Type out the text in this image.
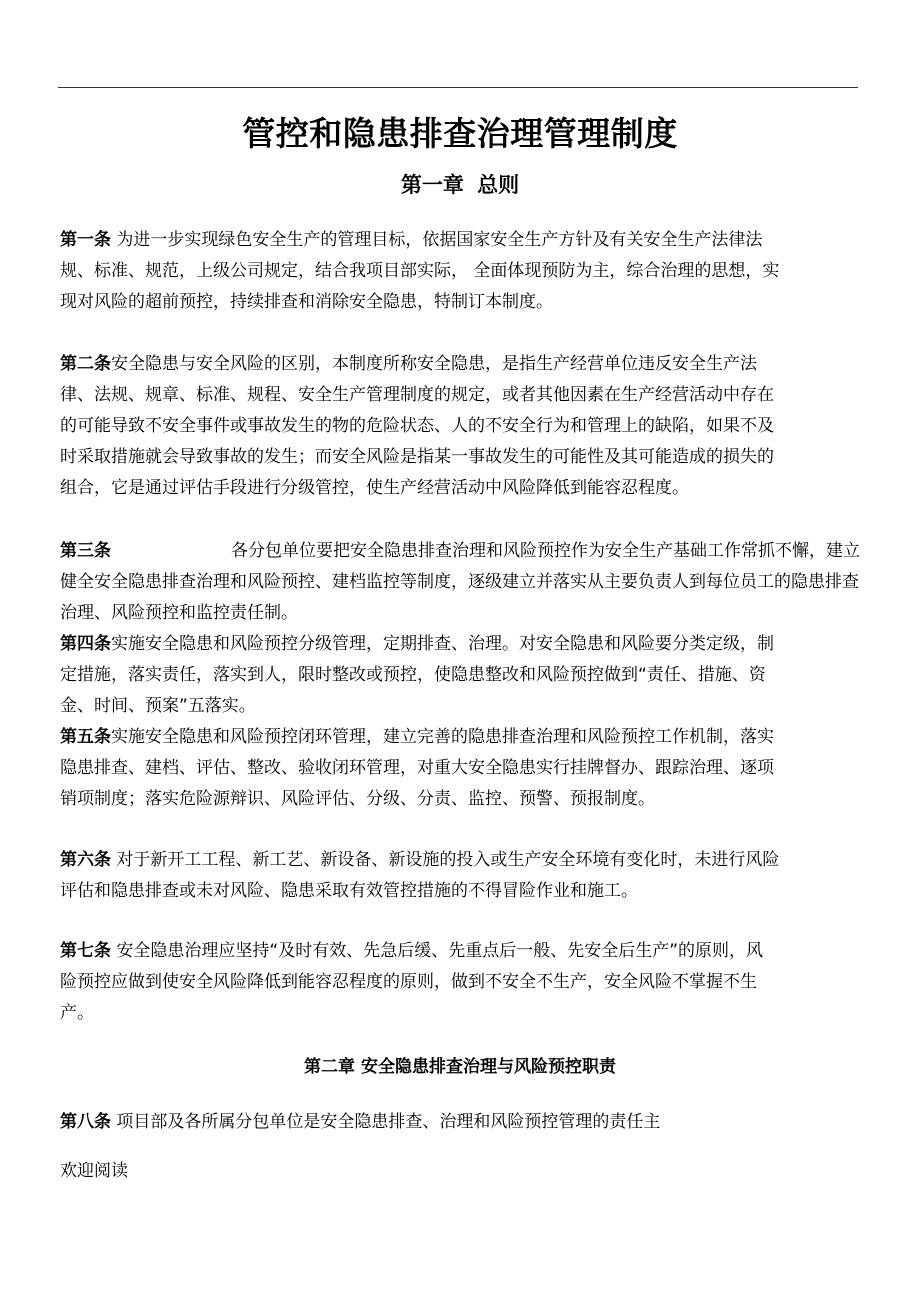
管控和隐患排查治理管理制度
第一章 总则

第一条 为进一步实现绿色安全生产的管理目标，依据国家安全生产方针及有关安全生产法律法规、标准、规范，上级公司规定，结合我项目部实际， 全面体现预防为主，综合治理的思想，实现对风险的超前预控，持续排查和消除安全隐患，特制订本制度。

第二条安全隐患与安全风险的区别，本制度所称安全隐患，是指生产经营单位违反安全生产法律、法规、规章、标准、规程、安全生产管理制度的规定，或者其他因素在生产经营活动中存在的可能导致不安全事件或事故发生的物的危险状态、人的不安全行为和管理上的缺陷，如果不及时采取措施就会导致事故的发生；而安全风险是指某一事故发生的可能性及其可能造成的损失的组合，它是通过评估手段进行分级管控，使生产经营活动中风险降低到能容忍程度。

第三条	各分包单位要把安全隐患排查治理和风险预控作为安全生产基础工作常抓不懈，建立健全安全隐患排查治理和风险预控、建档监控等制度，逐级建立并落实从主要负责人到每位员工的隐患排查治理、风险预控和监控责任制。

第四条实施安全隐患和风险预控分级管理，定期排查、治理。对安全隐患和风险要分类定级，制定措施，落实责任，落实到人，限时整改或预控，使隐患整改和风险预控做到“责任、措施、资金、时间、预案”五落实。

第五条实施安全隐患和风险预控闭环管理，建立完善的隐患排查治理和风险预控工作机制，落实隐患排查、建档、评估、整改、验收闭环管理，对重大安全隐患实行挂牌督办、跟踪治理、逐项销项制度；落实危险源辩识、风险评估、分级、分责、监控、预警、预报制度。

第六条 对于新开工工程、新工艺、新设备、新设施的投入或生产安全环境有变化时，未进行风险评估和隐患排查或未对风险、隐患采取有效管控措施的不得冒险作业和施工。

第七条 安全隐患治理应坚持“及时有效、先急后缓、先重点后一般、先安全后生产”的原则，风险预控应做到使安全风险降低到能容忍程度的原则，做到不安全不生产，安全风险不掌握不生产。

第二章 安全隐患排查治理与风险预控职责

第八条 项目部及各所属分包单位是安全隐患排查、治理和风险预控管理的责任主

欢迎阅读
